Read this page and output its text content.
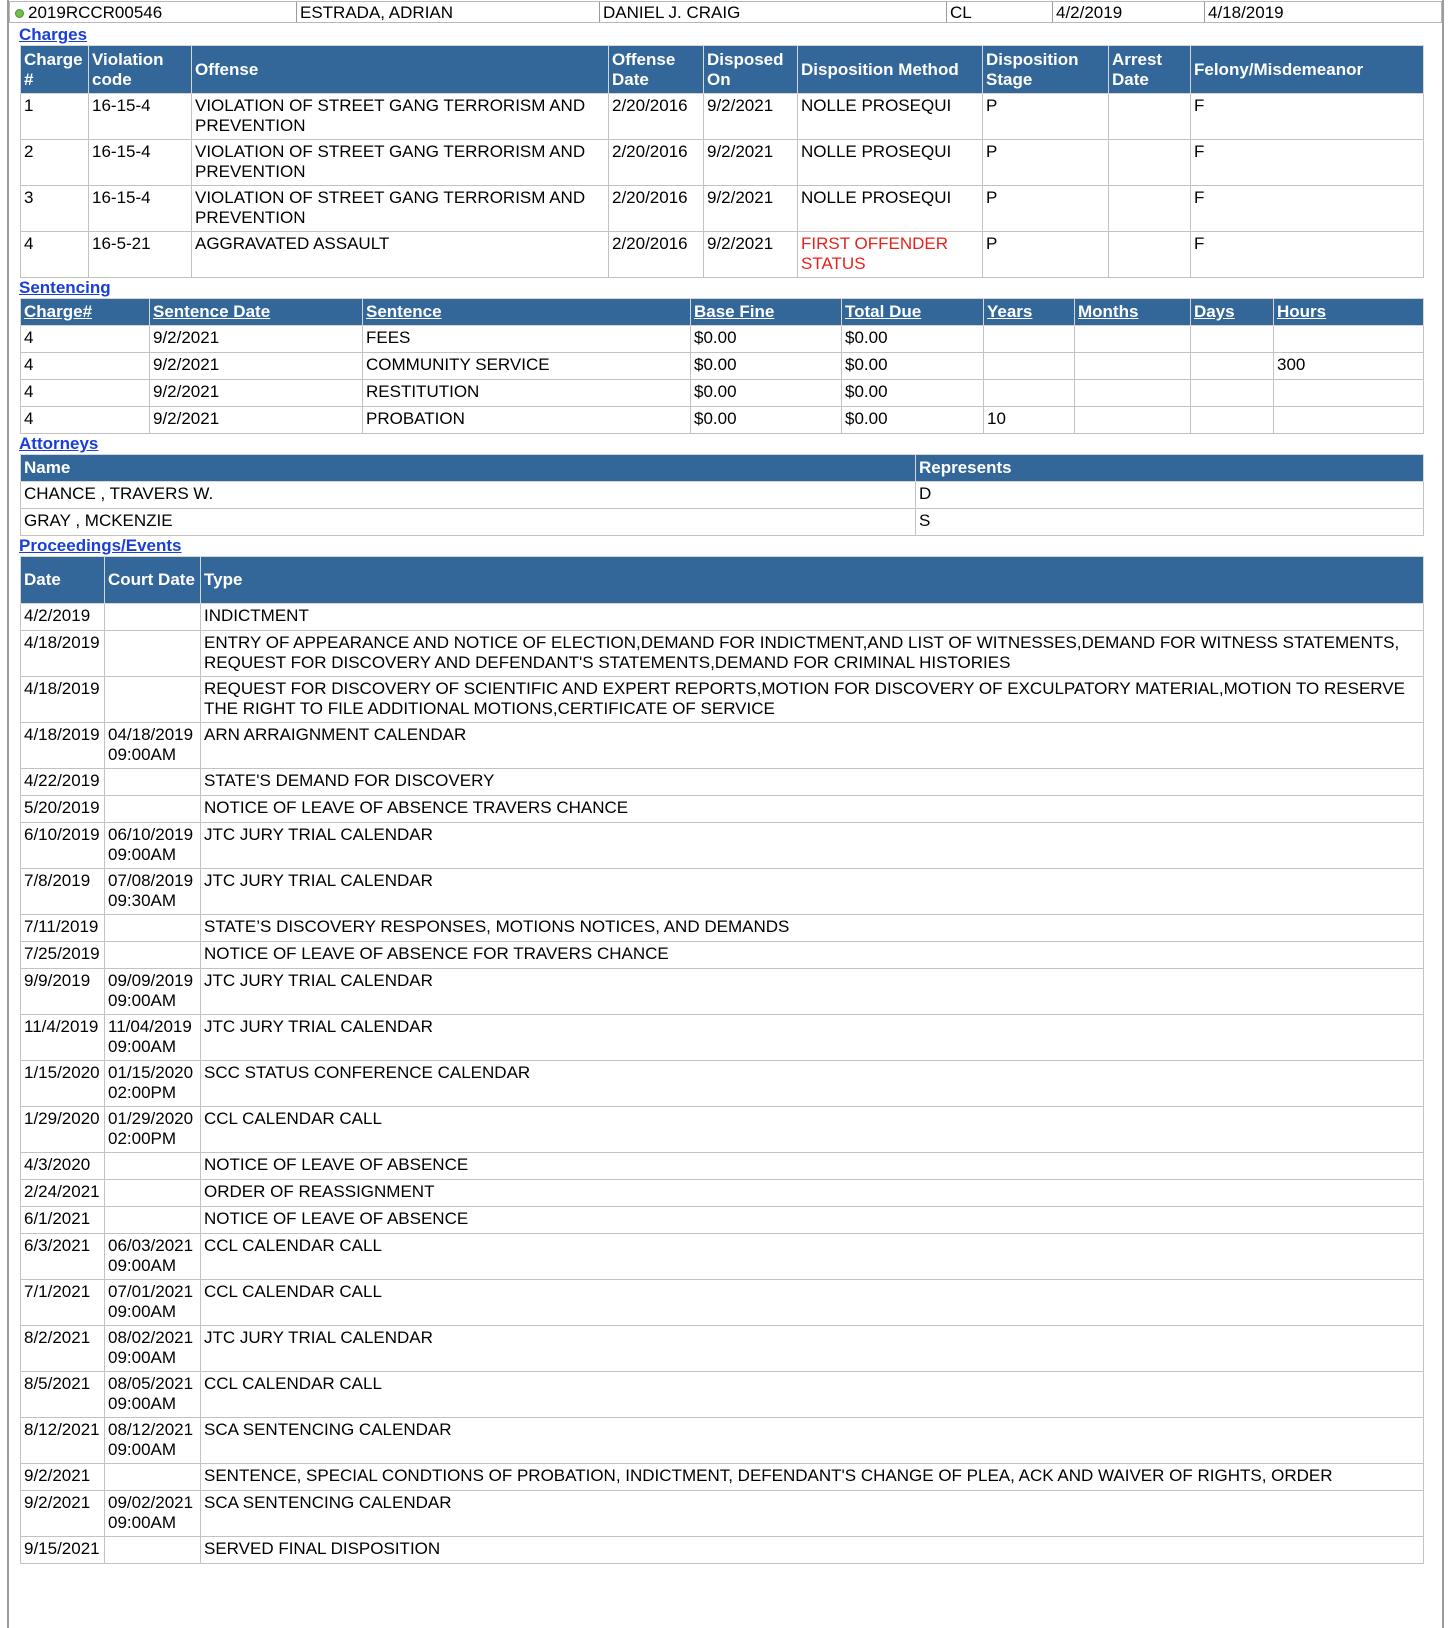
2019RCCR00546	ESTRADA, ADRIAN	DANIEL J. CRAIG	CL	4/2/2019	4/18/2019
Charges
Charge #	Violation code	Offense	Offense Date	Disposed On	Disposition Method	Disposition Stage	Arrest Date	Felony/Misdemeanor
1	16-15-4	VIOLATION OF STREET GANG TERRORISM AND PREVENTION	2/20/2016	9/2/2021	NOLLE PROSEQUI	P		F
2	16-15-4	VIOLATION OF STREET GANG TERRORISM AND PREVENTION	2/20/2016	9/2/2021	NOLLE PROSEQUI	P		F
3	16-15-4	VIOLATION OF STREET GANG TERRORISM AND PREVENTION	2/20/2016	9/2/2021	NOLLE PROSEQUI	P		F
4	16-5-21	AGGRAVATED ASSAULT	2/20/2016	9/2/2021	FIRST OFFENDER STATUS	P		F
Sentencing
Charge#	Sentence Date	Sentence	Base Fine	Total Due	Years	Months	Days	Hours
4	9/2/2021	FEES	$0.00	$0.00				
4	9/2/2021	COMMUNITY SERVICE	$0.00	$0.00				300
4	9/2/2021	RESTITUTION	$0.00	$0.00				
4	9/2/2021	PROBATION	$0.00	$0.00	10			
Attorneys
Name	Represents
CHANCE , TRAVERS W.	D
GRAY , MCKENZIE	S
Proceedings/Events
Date	Court Date	Type
4/2/2019		INDICTMENT
4/18/2019		ENTRY OF APPEARANCE AND NOTICE OF ELECTION,DEMAND FOR INDICTMENT,AND LIST OF WITNESSES,DEMAND FOR WITNESS STATEMENTS, REQUEST FOR DISCOVERY AND DEFENDANT'S STATEMENTS,DEMAND FOR CRIMINAL HISTORIES
4/18/2019		REQUEST FOR DISCOVERY OF SCIENTIFIC AND EXPERT REPORTS,MOTION FOR DISCOVERY OF EXCULPATORY MATERIAL,MOTION TO RESERVE THE RIGHT TO FILE ADDITIONAL MOTIONS,CERTIFICATE OF SERVICE
4/18/2019	04/18/2019 09:00AM	ARN ARRAIGNMENT CALENDAR
4/22/2019		STATE'S DEMAND FOR DISCOVERY
5/20/2019		NOTICE OF LEAVE OF ABSENCE TRAVERS CHANCE
6/10/2019	06/10/2019 09:00AM	JTC JURY TRIAL CALENDAR
7/8/2019	07/08/2019 09:30AM	JTC JURY TRIAL CALENDAR
7/11/2019		STATE’S DISCOVERY RESPONSES, MOTIONS NOTICES, AND DEMANDS
7/25/2019		NOTICE OF LEAVE OF ABSENCE FOR TRAVERS CHANCE
9/9/2019	09/09/2019 09:00AM	JTC JURY TRIAL CALENDAR
11/4/2019	11/04/2019 09:00AM	JTC JURY TRIAL CALENDAR
1/15/2020	01/15/2020 02:00PM	SCC STATUS CONFERENCE CALENDAR
1/29/2020	01/29/2020 02:00PM	CCL CALENDAR CALL
4/3/2020		NOTICE OF LEAVE OF ABSENCE
2/24/2021		ORDER OF REASSIGNMENT
6/1/2021		NOTICE OF LEAVE OF ABSENCE
6/3/2021	06/03/2021 09:00AM	CCL CALENDAR CALL
7/1/2021	07/01/2021 09:00AM	CCL CALENDAR CALL
8/2/2021	08/02/2021 09:00AM	JTC JURY TRIAL CALENDAR
8/5/2021	08/05/2021 09:00AM	CCL CALENDAR CALL
8/12/2021	08/12/2021 09:00AM	SCA SENTENCING CALENDAR
9/2/2021		SENTENCE, SPECIAL CONDTIONS OF PROBATION, INDICTMENT, DEFENDANT'S CHANGE OF PLEA, ACK AND WAIVER OF RIGHTS, ORDER
9/2/2021	09/02/2021 09:00AM	SCA SENTENCING CALENDAR
9/15/2021		SERVED FINAL DISPOSITION
